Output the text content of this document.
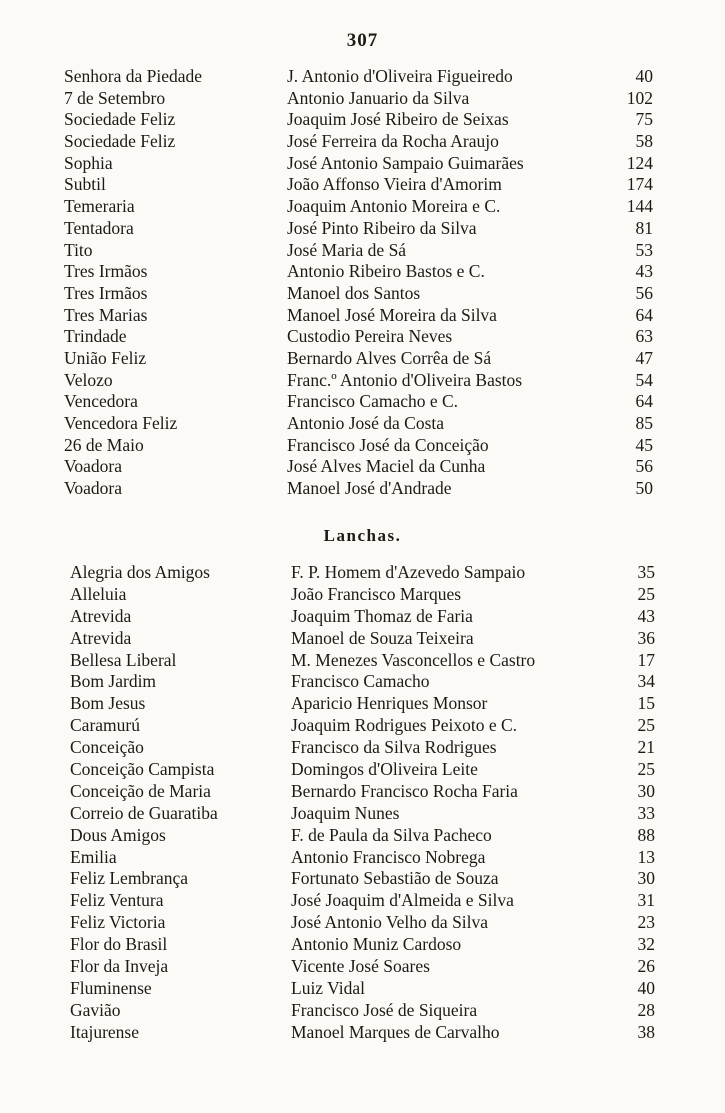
307
Senhora da Piedade	J. Antonio d'Oliveira Figueiredo	40
7 de Setembro	Antonio Januario da Silva	102
Sociedade Feliz	Joaquim José Ribeiro de Seixas	75
Sociedade Feliz	José Ferreira da Rocha Araujo	58
Sophia	José Antonio Sampaio Guimarães	124
Subtil	João Affonso Vieira d'Amorim	174
Temeraria	Joaquim Antonio Moreira e C.	144
Tentadora	José Pinto Ribeiro da Silva	81
Tito	José Maria de Sá	53
Tres Irmãos	Antonio Ribeiro Bastos e C.	43
Tres Irmãos	Manoel dos Santos	56
Tres Marias	Manoel José Moreira da Silva	64
Trindade	Custodio Pereira Neves	63
União Feliz	Bernardo Alves Corrêa de Sá	47
Velozo	Franc.º Antonio d'Oliveira Bastos	54
Vencedora	Francisco Camacho e C.	64
Vencedora Feliz	Antonio José da Costa	85
26 de Maio	Francisco José da Conceição	45
Voadora	José Alves Maciel da Cunha	56
Voadora	Manoel José d'Andrade	50
Lanchas.
Alegria dos Amigos	F. P. Homem d'Azevedo Sampaio	35
Alleluia	João Francisco Marques	25
Atrevida	Joaquim Thomaz de Faria	43
Atrevida	Manoel de Souza Teixeira	36
Bellesa Liberal	M. Menezes Vasconcellos e Castro	17
Bom Jardim	Francisco Camacho	34
Bom Jesus	Aparicio Henriques Monsor	15
Caramurú	Joaquim Rodrigues Peixoto e C.	25
Conceição	Francisco da Silva Rodrigues	21
Conceição Campista	Domingos d'Oliveira Leite	25
Conceição de Maria	Bernardo Francisco Rocha Faria	30
Correio de Guaratiba	Joaquim Nunes	33
Dous Amigos	F. de Paula da Silva Pacheco	88
Emilia	Antonio Francisco Nobrega	13
Feliz Lembrança	Fortunato Sebastião de Souza	30
Feliz Ventura	José Joaquim d'Almeida e Silva	31
Feliz Victoria	José Antonio Velho da Silva	23
Flor do Brasil	Antonio Muniz Cardoso	32
Flor da Inveja	Vicente José Soares	26
Fluminense	Luiz Vidal	40
Gavião	Francisco José de Siqueira	28
Itajurense	Manoel Marques de Carvalho	38
